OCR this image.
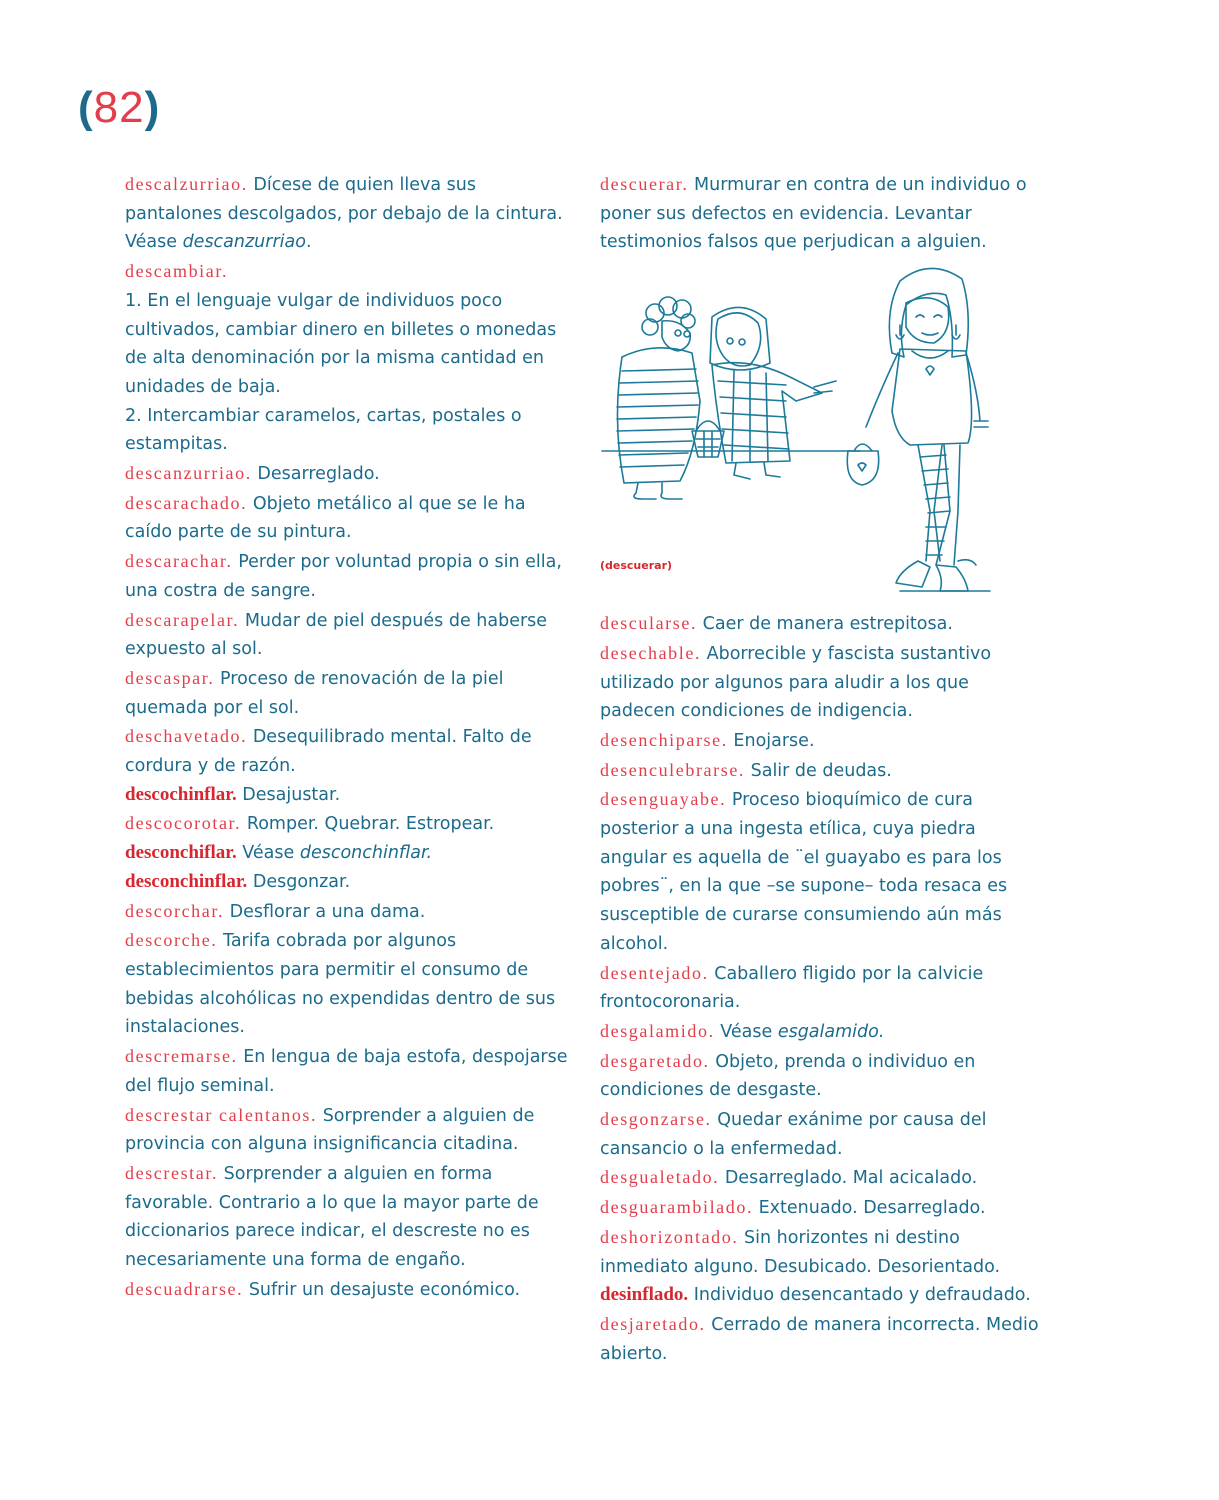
(82)

descalzurriao. Dícese de quien lleva sus pantalones descolgados, por debajo de la cintura. Véase descanzurriao.

descambiar.

1. En el lenguaje vulgar de individuos poco cultivados, cambiar dinero en billetes o monedas de alta denominación por la misma cantidad en unidades de baja.

2. Intercambiar caramelos, cartas, postales o estampitas.

descanzurriao. Desarreglado.

descarachado. Objeto metálico al que se le ha caído parte de su pintura.

descarachar. Perder por voluntad propia o sin ella, una costra de sangre.

descarapelar. Mudar de piel después de haberse expuesto al sol.

descaspar. Proceso de renovación de la piel quemada por el sol.

deschavetado. Desequilibrado mental. Falto de cordura y de razón.

descochinflar. Desajustar.

descocorotar. Romper. Quebrar. Estropear.

desconchiflar. Véase desconchinflar.

desconchinflar. Desgonzar.

descorchar. Desflorar a una dama.

descorche. Tarifa cobrada por algunos establecimientos para permitir el consumo de bebidas alcohólicas no expendidas dentro de sus instalaciones.

descremarse. En lengua de baja estofa, despojarse del flujo seminal.

descrestar calentanos. Sorprender a alguien de provincia con alguna insignificancia citadina.

descrestar. Sorprender a alguien en forma favorable. Contrario a lo que la mayor parte de diccionarios parece indicar, el descreste no es necesariamente una forma de engaño.

descuadrarse. Sufrir un desajuste económico.

descuerar. Murmurar en contra de un individuo o poner sus defectos en evidencia. Levantar testimonios falsos que perjudican a alguien.

(descuerar)

descularse. Caer de manera estrepitosa.

desechable. Aborrecible y fascista sustantivo utilizado por algunos para aludir a los que padecen condiciones de indigencia.

desenchiparse. Enojarse.

desenculebrarse. Salir de deudas.

desenguayabe. Proceso bioquímico de cura posterior a una ingesta etílica, cuya piedra angular es aquella de ¨el guayabo es para los pobres¨, en la que –se supone– toda resaca es susceptible de curarse consumiendo aún más alcohol.

desentejado. Caballero fligido por la calvicie frontocoronaria.

desgalamido. Véase esgalamido.

desgaretado. Objeto, prenda o individuo en condiciones de desgaste.

desgonzarse. Quedar exánime por causa del cansancio o la enfermedad.

desgualetado. Desarreglado. Mal acicalado.

desguarambilado. Extenuado. Desarreglado.

deshorizontado. Sin horizontes ni destino inmediato alguno. Desubicado. Desorientado.

desinflado. Individuo desencantado y defraudado.

desjaretado. Cerrado de manera incorrecta. Medio abierto.
